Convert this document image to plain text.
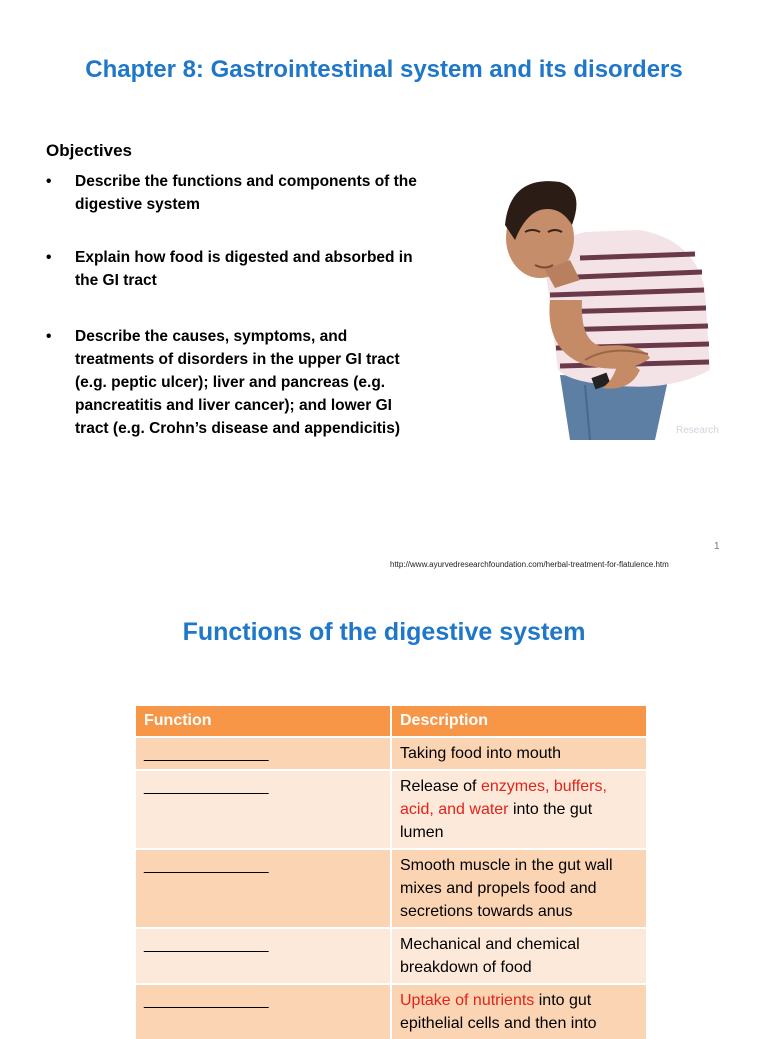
Chapter 8: Gastrointestinal system and its disorders
Objectives
• Describe the functions and components of the digestive system
• Explain how food is digested and absorbed in the GI tract
• Describe the causes, symptoms, and treatments of disorders in the upper GI tract (e.g. peptic ulcer); liver and pancreas (e.g. pancreatitis and liver cancer); and lower GI tract (e.g. Crohn’s disease and appendicitis)	Research
1
http://www.ayurvedresearchfoundation.com/herbal-treatment-for-flatulence.htm
Functions of the digestive system
Function	Description
______________	Taking food into mouth
______________	Release of enzymes, buffers, acid, and water into the gut lumen
______________	Smooth muscle in the gut wall mixes and propels food and secretions towards anus
______________	Mechanical and chemical breakdown of food
______________	Uptake of nutrients into gut epithelial cells and then into
